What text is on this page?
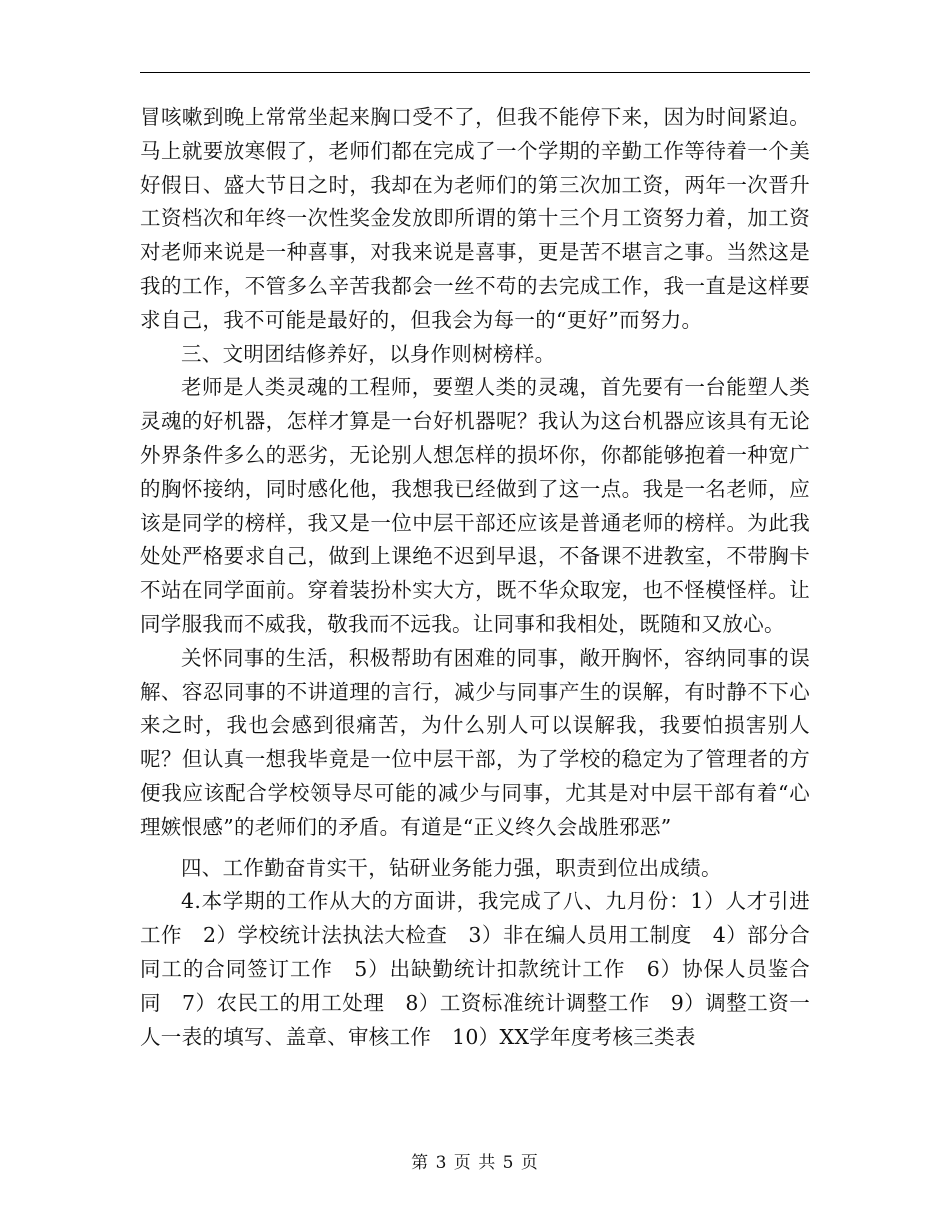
冒咳嗽到晚上常常坐起来胸口受不了，但我不能停下来，因为时间紧迫。马上就要放寒假了，老师们都在完成了一个学期的辛勤工作等待着一个美好假日、盛大节日之时，我却在为老师们的第三次加工资，两年一次晋升工资档次和年终一次性奖金发放即所谓的第十三个月工资努力着，加工资对老师来说是一种喜事，对我来说是喜事，更是苦不堪言之事。当然这是我的工作，不管多么辛苦我都会一丝不苟的去完成工作，我一直是这样要求自己，我不可能是最好的，但我会为每一的“更好”而努力。

三、文明团结修养好，以身作则树榜样。

老师是人类灵魂的工程师，要塑人类的灵魂，首先要有一台能塑人类灵魂的好机器，怎样才算是一台好机器呢？我认为这台机器应该具有无论外界条件多么的恶劣，无论别人想怎样的损坏你，你都能够抱着一种宽广的胸怀接纳，同时感化他，我想我已经做到了这一点。我是一名老师，应该是同学的榜样，我又是一位中层干部还应该是普通老师的榜样。为此我处处严格要求自己，做到上课绝不迟到早退，不备课不进教室，不带胸卡不站在同学面前。穿着装扮朴实大方，既不华众取宠，也不怪模怪样。让同学服我而不威我，敬我而不远我。让同事和我相处，既随和又放心。

关怀同事的生活，积极帮助有困难的同事，敞开胸怀，容纳同事的误解、容忍同事的不讲道理的言行，减少与同事产生的误解，有时静不下心来之时，我也会感到很痛苦，为什么别人可以误解我，我要怕损害别人呢？但认真一想我毕竟是一位中层干部，为了学校的稳定为了管理者的方便我应该配合学校领导尽可能的减少与同事，尤其是对中层干部有着“心理嫉恨感”的老师们的矛盾。有道是“正义终久会战胜邪恶”

四、工作勤奋肯实干，钻研业务能力强，职责到位出成绩。

4.本学期的工作从大的方面讲，我完成了八、九月份：1）人才引进工作　2）学校统计法执法大检查　3）非在编人员用工制度　4）部分合同工的合同签订工作　5）出缺勤统计扣款统计工作　6）协保人员鉴合同　7）农民工的用工处理　8）工资标准统计调整工作　9）调整工资一人一表的填写、盖章、审核工作　10）XX学年度考核三类表

第 3 页 共 5 页
